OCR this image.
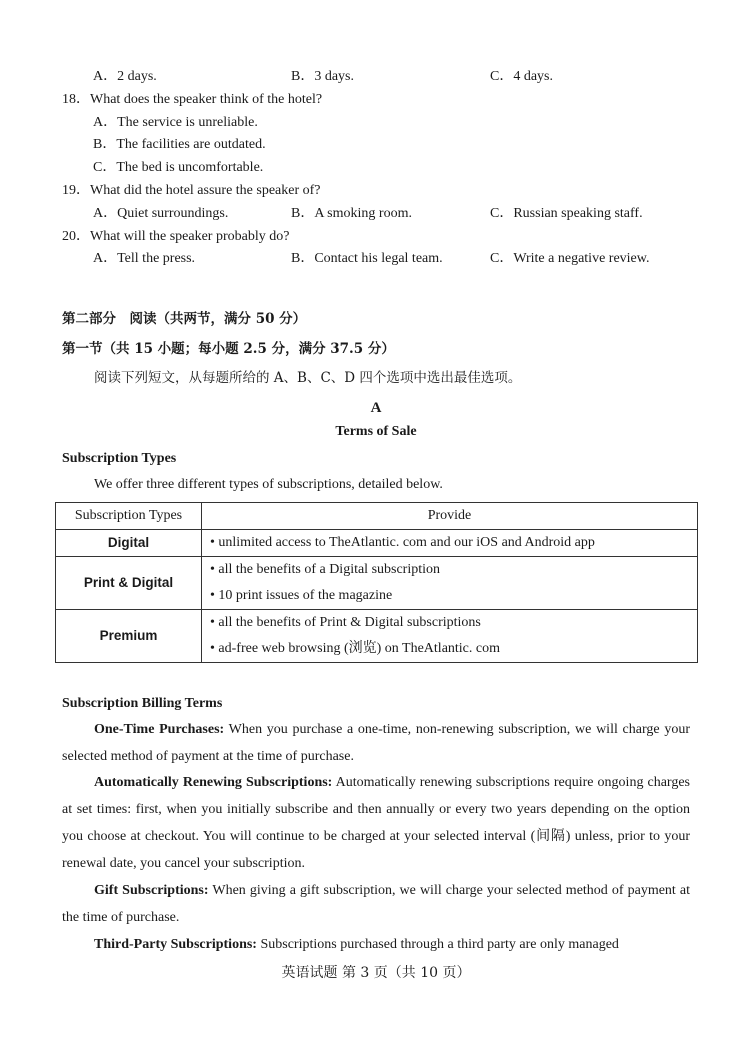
A．2 days.	B．3 days.	C．4 days.
18．What does the speaker think of the hotel?
A．The service is unreliable.
B．The facilities are outdated.
C．The bed is uncomfortable.
19．What did the hotel assure the speaker of?
A．Quiet surroundings.	B．A smoking room.	C．Russian speaking staff.
20．What will the speaker probably do?
A．Tell the press.	B．Contact his legal team.	C．Write a negative review.
第二部分　阅读（共两节，满分 50 分）
第一节（共 15 小题；每小题 2.5 分，满分 37.5 分）
阅读下列短文，从每题所给的 A、B、C、D 四个选项中选出最佳选项。
A
Terms of Sale
Subscription Types
We offer three different types of subscriptions, detailed below.
Subscription Types	Provide
Digital	• unlimited access to TheAtlantic. com and our iOS and Android app

Print & Digital	• all the benefits of a Digital subscription
• 10 print issues of the magazine

Premium	• all the benefits of Print & Digital subscriptions
• ad-free web browsing (浏览) on TheAtlantic. com
Subscription Billing Terms
One-Time Purchases: When you purchase a one-time, non-renewing subscription, we will charge your selected method of payment at the time of purchase.
Automatically Renewing Subscriptions: Automatically renewing subscriptions require ongoing charges at set times: first, when you initially subscribe and then annually or every two years depending on the option you choose at checkout. You will continue to be charged at your selected interval (间隔) unless, prior to your renewal date, you cancel your subscription.
Gift Subscriptions: When giving a gift subscription, we will charge your selected method of payment at the time of purchase.
Third-Party Subscriptions: Subscriptions purchased through a third party are only managed
英语试题 第 3 页（共 10 页）
